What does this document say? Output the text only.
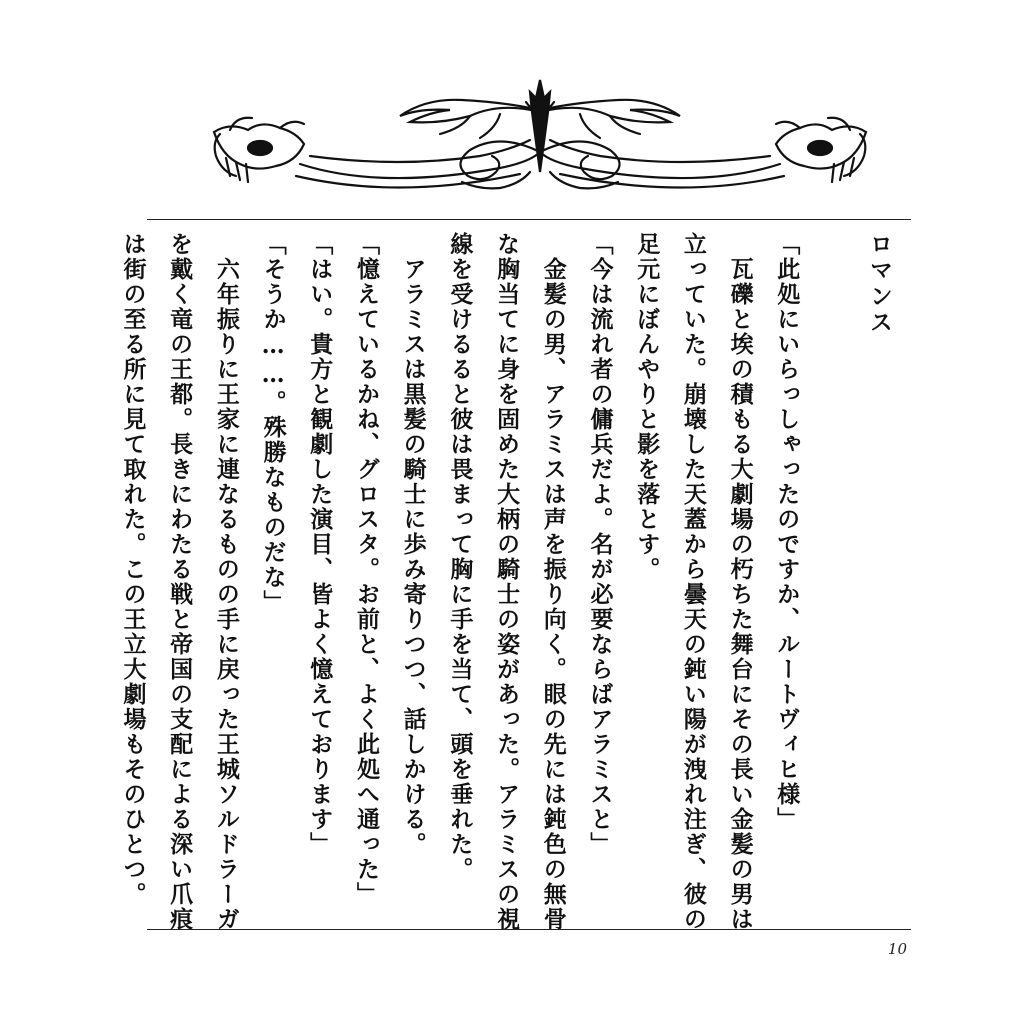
ロマンス
「此処にいらっしゃったのですか、ルートヴィヒ様」
　瓦礫と埃の積もる大劇場の朽ちた舞台にその長い金髪の男は
立っていた。崩壊した天蓋から曇天の鈍い陽が洩れ注ぎ、彼の
足元にぼんやりと影を落とす。
「今は流れ者の傭兵だよ。名が必要ならばアラミスと」
　金髪の男、アラミスは声を振り向く。眼の先には鈍色の無骨
な胸当てに身を固めた大柄の騎士の姿があった。アラミスの視
線を受けるると彼は畏まって胸に手を当て、頭を垂れた。
　アラミスは黒髪の騎士に歩み寄りつつ、話しかける。
「憶えているかね、グロスタ。お前と、よく此処へ通った」
「はい。貴方と観劇した演目、皆よく憶えております」
「そうか……。殊勝なものだな」
　六年振りに王家に連なるものの手に戻った王城ソルドラーガ
を戴く竜の王都。長きにわたる戦と帝国の支配による深い爪痕
は街の至る所に見て取れた。この王立大劇場もそのひとつ。
10
